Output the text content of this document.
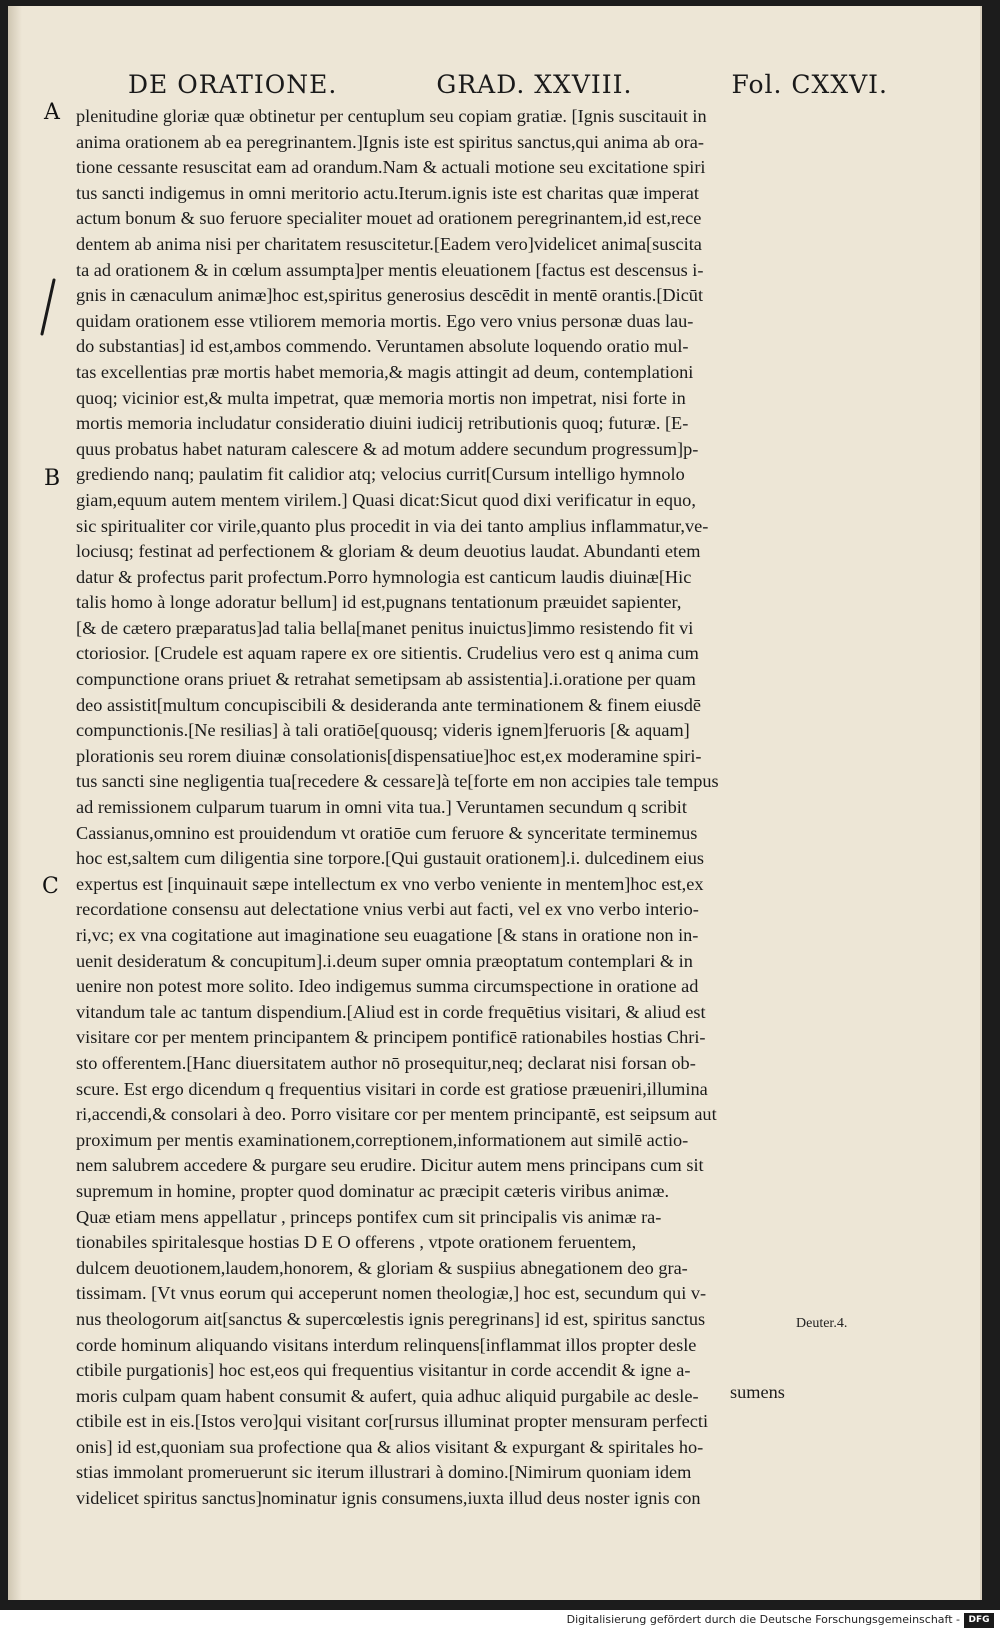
DE ORATIONE.	GRAD. XXVIII.	Fol. CXXVI.
A
B
C
plenitudine gloriæ quæ obtinetur per centuplum seu copiam gratiæ. [Ignis suscitauit in
anima orationem ab ea peregrinantem.]Ignis iste est spiritus sanctus,qui anima ab ora-
tione cessante resuscitat eam ad orandum.Nam & actuali motione seu excitatione spiri
tus sancti indigemus in omni meritorio actu.Iterum.ignis iste est charitas quæ imperat
actum bonum & suo feruore specialiter mouet ad orationem peregrinantem,id est,rece
dentem ab anima nisi per charitatem resuscitetur.[Eadem vero]videlicet anima[suscita
ta ad orationem & in cœlum assumpta]per mentis eleuationem [factus est descensus i-
gnis in cænaculum animæ]hoc est,spiritus generosius descēdit in mentē orantis.[Dicūt
quidam orationem esse vtiliorem memoria mortis. Ego vero vnius personæ duas lau-
do substantias] id est,ambos commendo. Veruntamen absolute loquendo oratio mul-
tas excellentias præ mortis habet memoria,& magis attingit ad deum, contemplationi
quoq; vicinior est,& multa impetrat, quæ memoria mortis non impetrat, nisi forte in
mortis memoria includatur consideratio diuini iudicij retributionis quoq; futuræ. [E-
quus probatus habet naturam calescere & ad motum addere secundum progressum]p-
grediendo nanq; paulatim fit calidior atq; velocius currit[Cursum intelligo hymnolo
giam,equum autem mentem virilem.] Quasi dicat:Sicut quod dixi verificatur in equo,
sic spiritualiter cor virile,quanto plus procedit in via dei tanto amplius inflammatur,ve-
lociusq; festinat ad perfectionem & gloriam & deum deuotius laudat. Abundanti etem
datur & profectus parit profectum.Porro hymnologia est canticum laudis diuinæ[Hic
talis homo à longe adoratur bellum] id est,pugnans tentationum præuidet sapienter,
[& de cætero præparatus]ad talia bella[manet penitus inuictus]immo resistendo fit vi
ctoriosior. [Crudele est aquam rapere ex ore sitientis. Crudelius vero est q anima cum
compunctione orans priuet & retrahat semetipsam ab assistentia].i.oratione per quam
deo assistit[multum concupiscibili & desideranda ante terminationem & finem eiusdē
compunctionis.[Ne resilias] à tali oratiōe[quousq; videris ignem]feruoris [& aquam]
plorationis seu rorem diuinæ consolationis[dispensatiue]hoc est,ex moderamine spiri-
tus sancti sine negligentia tua[recedere & cessare]à te[forte em non accipies tale tempus
ad remissionem culparum tuarum in omni vita tua.] Veruntamen secundum q scribit
Cassianus,omnino est prouidendum vt oratiōe cum feruore & synceritate terminemus
hoc est,saltem cum diligentia sine torpore.[Qui gustauit orationem].i. dulcedinem eius
expertus est [inquinauit sæpe intellectum ex vno verbo veniente in mentem]hoc est,ex
recordatione consensu aut delectatione vnius verbi aut facti, vel ex vno verbo interio-
ri,vc; ex vna cogitatione aut imaginatione seu euagatione [& stans in oratione non in-
uenit desideratum & concupitum].i.deum super omnia præoptatum contemplari & in
uenire non potest more solito. Ideo indigemus summa circumspectione in oratione ad
vitandum tale ac tantum dispendium.[Aliud est in corde frequētius visitari, & aliud est
visitare cor per mentem principantem & principem pontificē rationabiles hostias Chri-
sto offerentem.[Hanc diuersitatem author nō prosequitur,neq; declarat nisi forsan ob-
scure. Est ergo dicendum q frequentius visitari in corde est gratiose præueniri,illumina
ri,accendi,& consolari à deo. Porro visitare cor per mentem principantē, est seipsum aut
proximum per mentis examinationem,correptionem,informationem aut similē actio-
nem salubrem accedere & purgare seu erudire. Dicitur autem mens principans cum sit
supremum in homine, propter quod dominatur ac præcipit cæteris viribus animæ.
Quæ etiam mens appellatur , princeps pontifex cum sit principalis vis animæ ra-
tionabiles spiritalesque hostias D E O offerens , vtpote orationem feruentem,
dulcem deuotionem,laudem,honorem, & gloriam & suspiius abnegationem deo gra-
tissimam. [Vt vnus eorum qui acceperunt nomen theologiæ,] hoc est, secundum qui v-
nus theologorum ait[sanctus & supercœlestis ignis peregrinans] id est, spiritus sanctus
corde hominum aliquando visitans interdum relinquens[inflammat illos propter desle
ctibile purgationis] hoc est,eos qui frequentius visitantur in corde accendit & igne a-
moris culpam quam habent consumit & aufert, quia adhuc aliquid purgabile ac desle-
ctibile est in eis.[Istos vero]qui visitant cor[rursus illuminat propter mensuram perfecti
onis] id est,quoniam sua profectione qua & alios visitant & expurgant & spiritales ho-
stias immolant promeruerunt sic iterum illustrari à domino.[Nimirum quoniam idem
videlicet spiritus sanctus]nominatur ignis consumens,iuxta illud deus noster ignis con
Deuter.4.
sumens
Digitalisierung gefördert durch die Deutsche Forschungsgemeinschaft - DFG
